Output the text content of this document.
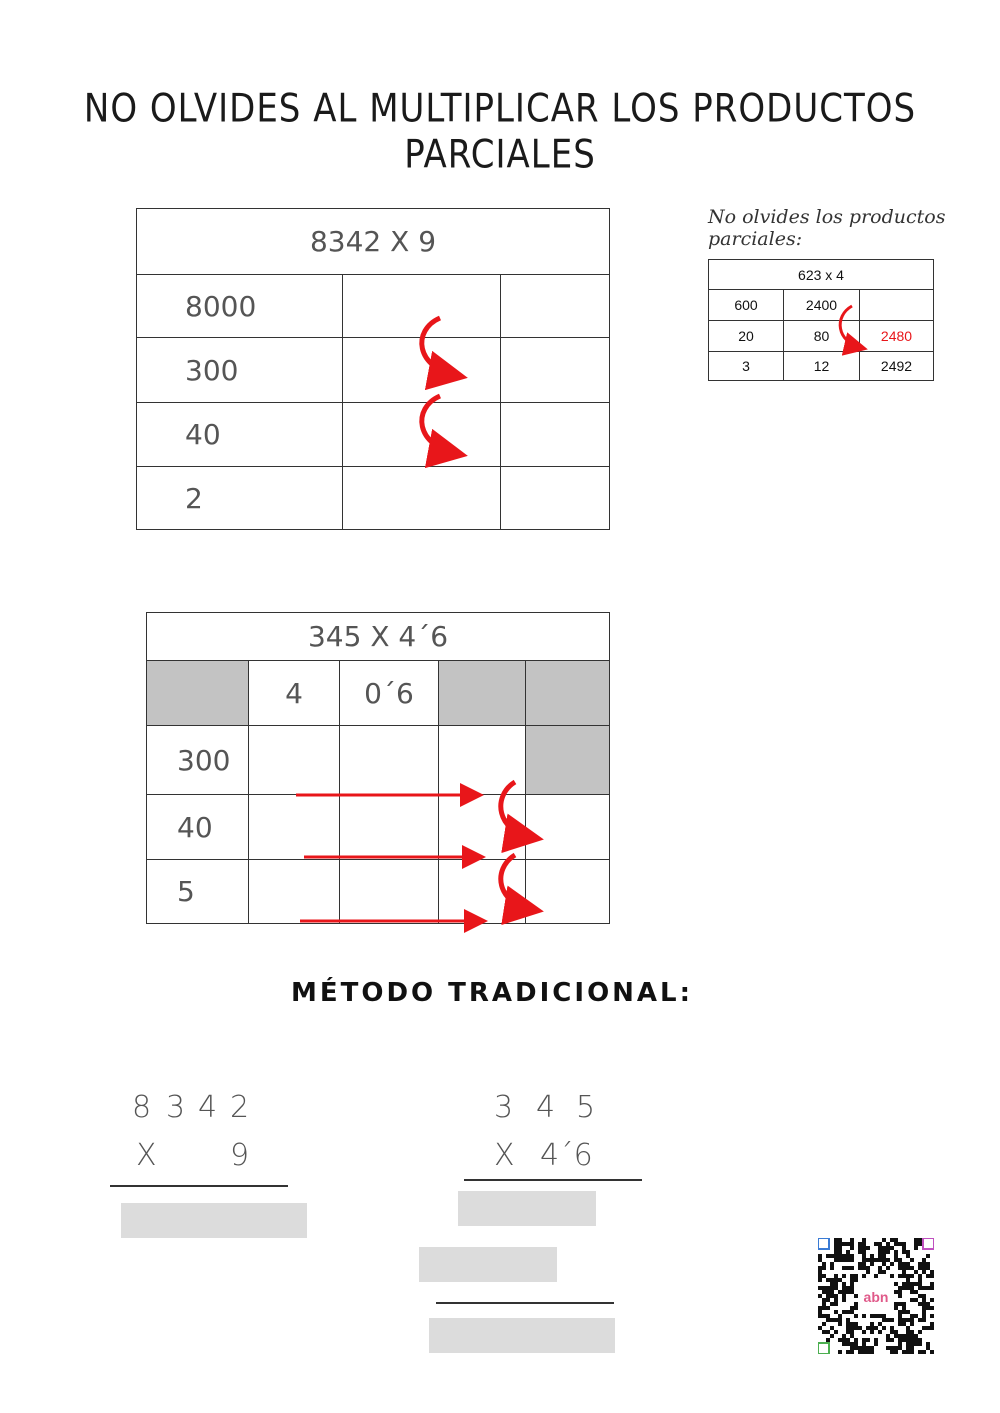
NO OLVIDES AL MULTIPLICAR LOS PRODUCTOS PARCIALES
8342 X 9		
8000		
300		
40		
2		
No olvides los productos parciales:
623 x 4		
600	2400	
20	80	2480
3	12	2492
345 X 4´6				
	4	0´6		
300				
40				
5				
MÉTODO TRADICIONAL:
8 3 4 2
X 9
3 4 5
X 4´6
abn
